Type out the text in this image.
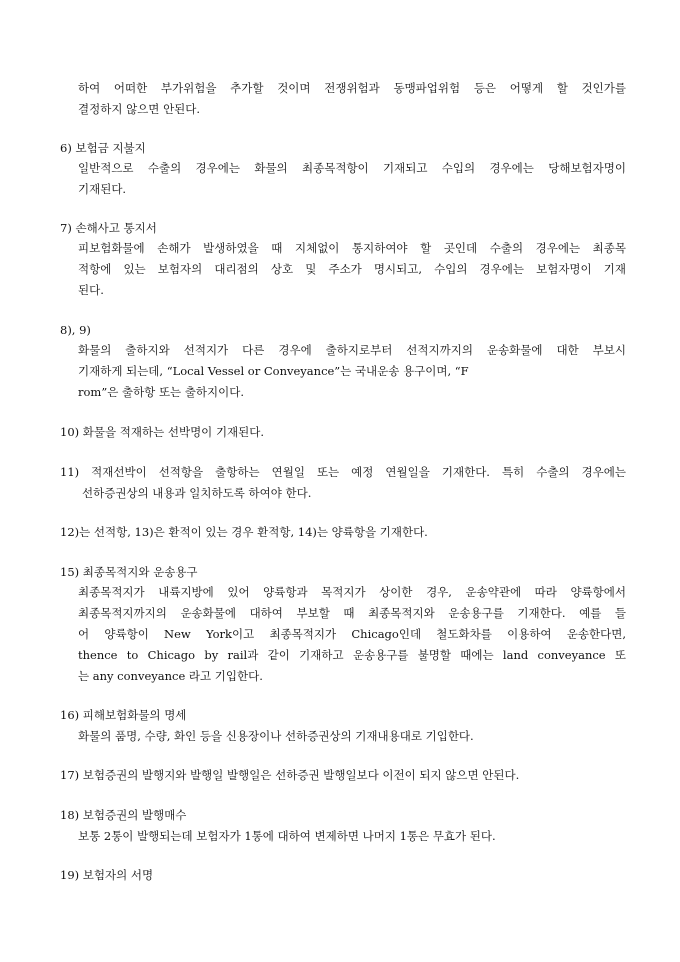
하여 어떠한 부가위험을 추가할 것이며 전쟁위험과 동맹파업위험 등은 어떻게 할 것인가를
결정하지 않으면 안된다.
6) 보험금 지불지
일반적으로 수출의 경우에는 화물의 최종목적항이 기재되고 수입의 경우에는 당해보험자명이
기재된다.
7) 손해사고 통지서
피보험화물에 손해가 발생하였을 때 지체없이 통지하여야 할 곳인데 수출의 경우에는 최종목
적항에 있는 보험자의 대리점의 상호 및 주소가 명시되고, 수입의 경우에는 보험자명이 기재
된다.
8), 9)
화물의 출하지와 선적지가 다른 경우에 출하지로부터 선적지까지의 운송화물에 대한 부보시
기재하게 되는데, “Local Vessel or Conveyance”는 국내운송 용구이며, “F
rom”은 출하항 또는 출하지이다.
10) 화물을 적재하는 선박명이 기재된다.
11) 적재선박이 선적항을 출항하는 연월일 또는 예정 연월일을 기재한다. 특히 수출의 경우에는
선하증권상의 내용과 일치하도록 하여야 한다.
12)는 선적항, 13)은 환적이 있는 경우 환적항, 14)는 양륙항을 기재한다.
15) 최종목적지와 운송용구
최종목적지가 내륙지방에 있어 양륙항과 목적지가 상이한 경우, 운송약관에 따라 양륙항에서
최종목적지까지의 운송화물에 대하여 부보할 때 최종목적지와 운송용구를 기재한다. 예를 들
어 양륙항이 New York이고 최종목적지가 Chicago인데 철도화차를 이용하여 운송한다면,
thence to Chicago by rail과 같이 기재하고 운송용구를 불명할 때에는 land conveyance 또
는 any conveyance 라고 기입한다.
16) 피해보험화물의 명세
화물의 품명, 수량, 화인 등을 신용장이나 선하증권상의 기재내용대로 기입한다.
17) 보험증권의 발행지와 발행일 발행일은 선하증권 발행일보다 이전이 되지 않으면 안된다.
18) 보험증권의 발행매수
보통 2통이 발행되는데 보험자가 1통에 대하여 변제하면 나머지 1통은 무효가 된다.
19) 보험자의 서명
